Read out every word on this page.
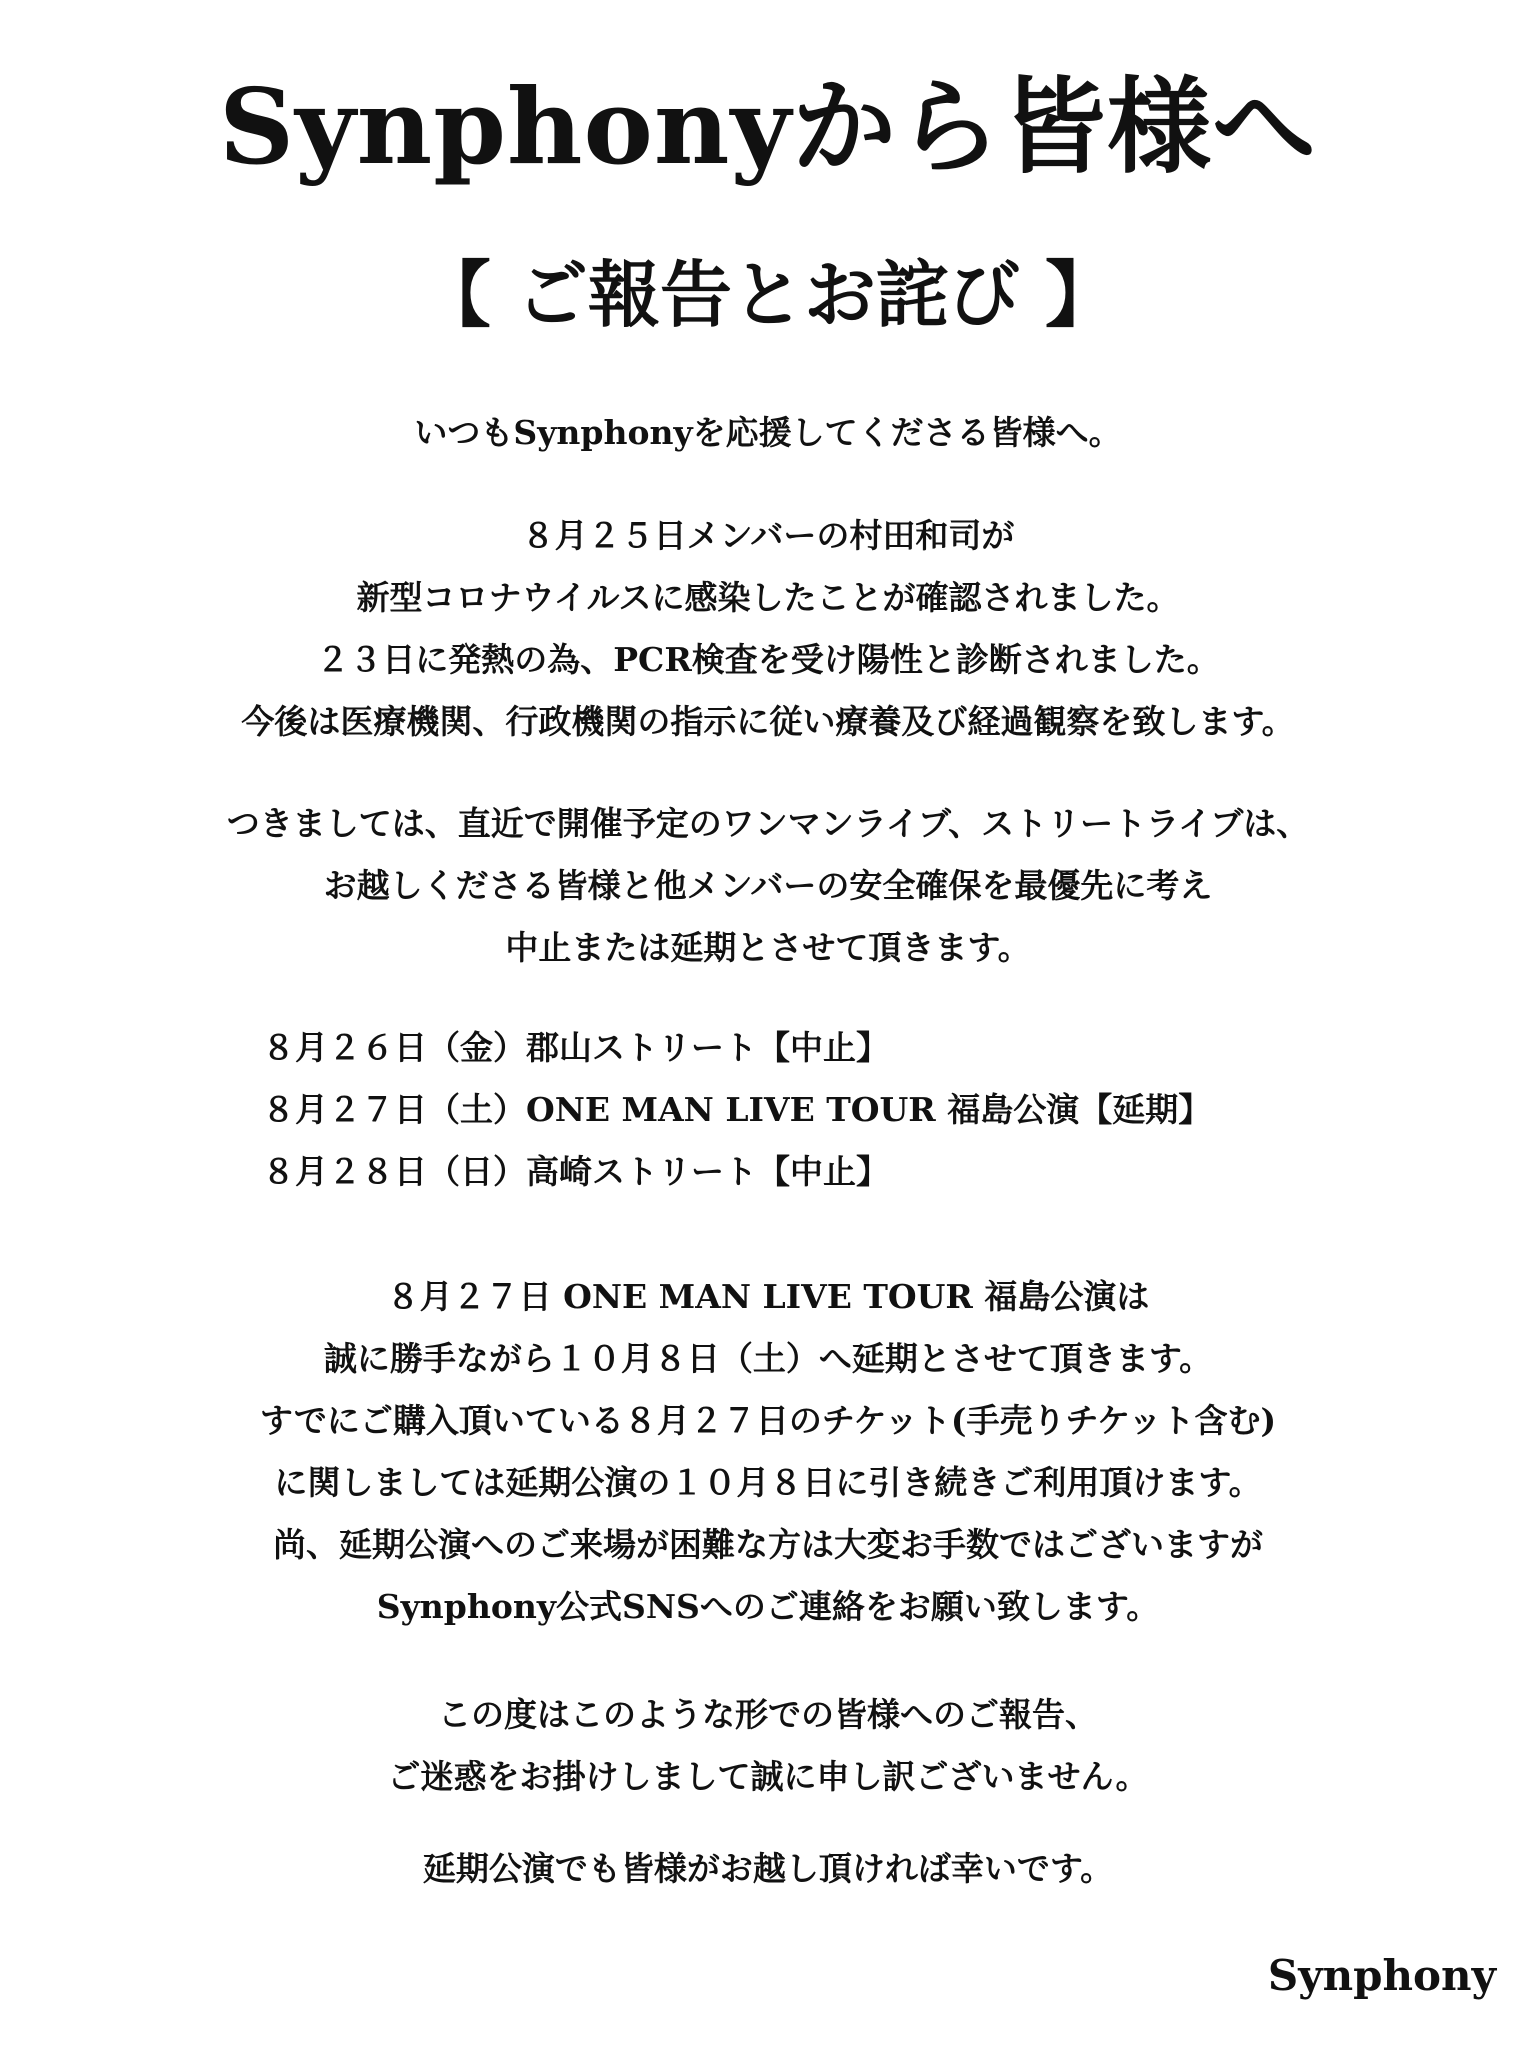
Synphonyから皆様へ
【 ご報告とお詫び 】
いつもSynphonyを応援してくださる皆様へ。
８月２５日メンバーの村田和司が
新型コロナウイルスに感染したことが確認されました。
２３日に発熱の為、PCR検査を受け陽性と診断されました。
今後は医療機関、行政機関の指示に従い療養及び経過観察を致します。
つきましては、直近で開催予定のワンマンライブ、ストリートライブは、
お越しくださる皆様と他メンバーの安全確保を最優先に考え
中止または延期とさせて頂きます。
８月２６日（金）郡山ストリート【中止】
８月２７日（土）ONE MAN LIVE TOUR 福島公演【延期】
８月２８日（日）高崎ストリート【中止】
８月２７日 ONE MAN LIVE TOUR 福島公演は
誠に勝手ながら１０月８日（土）へ延期とさせて頂きます。
すでにご購入頂いている８月２７日のチケット(手売りチケット含む)
に関しましては延期公演の１０月８日に引き続きご利用頂けます。
尚、延期公演へのご来場が困難な方は大変お手数ではございますが
Synphony公式SNSへのご連絡をお願い致します。
この度はこのような形での皆様へのご報告、
ご迷惑をお掛けしまして誠に申し訳ございません。
延期公演でも皆様がお越し頂ければ幸いです。
Synphony
